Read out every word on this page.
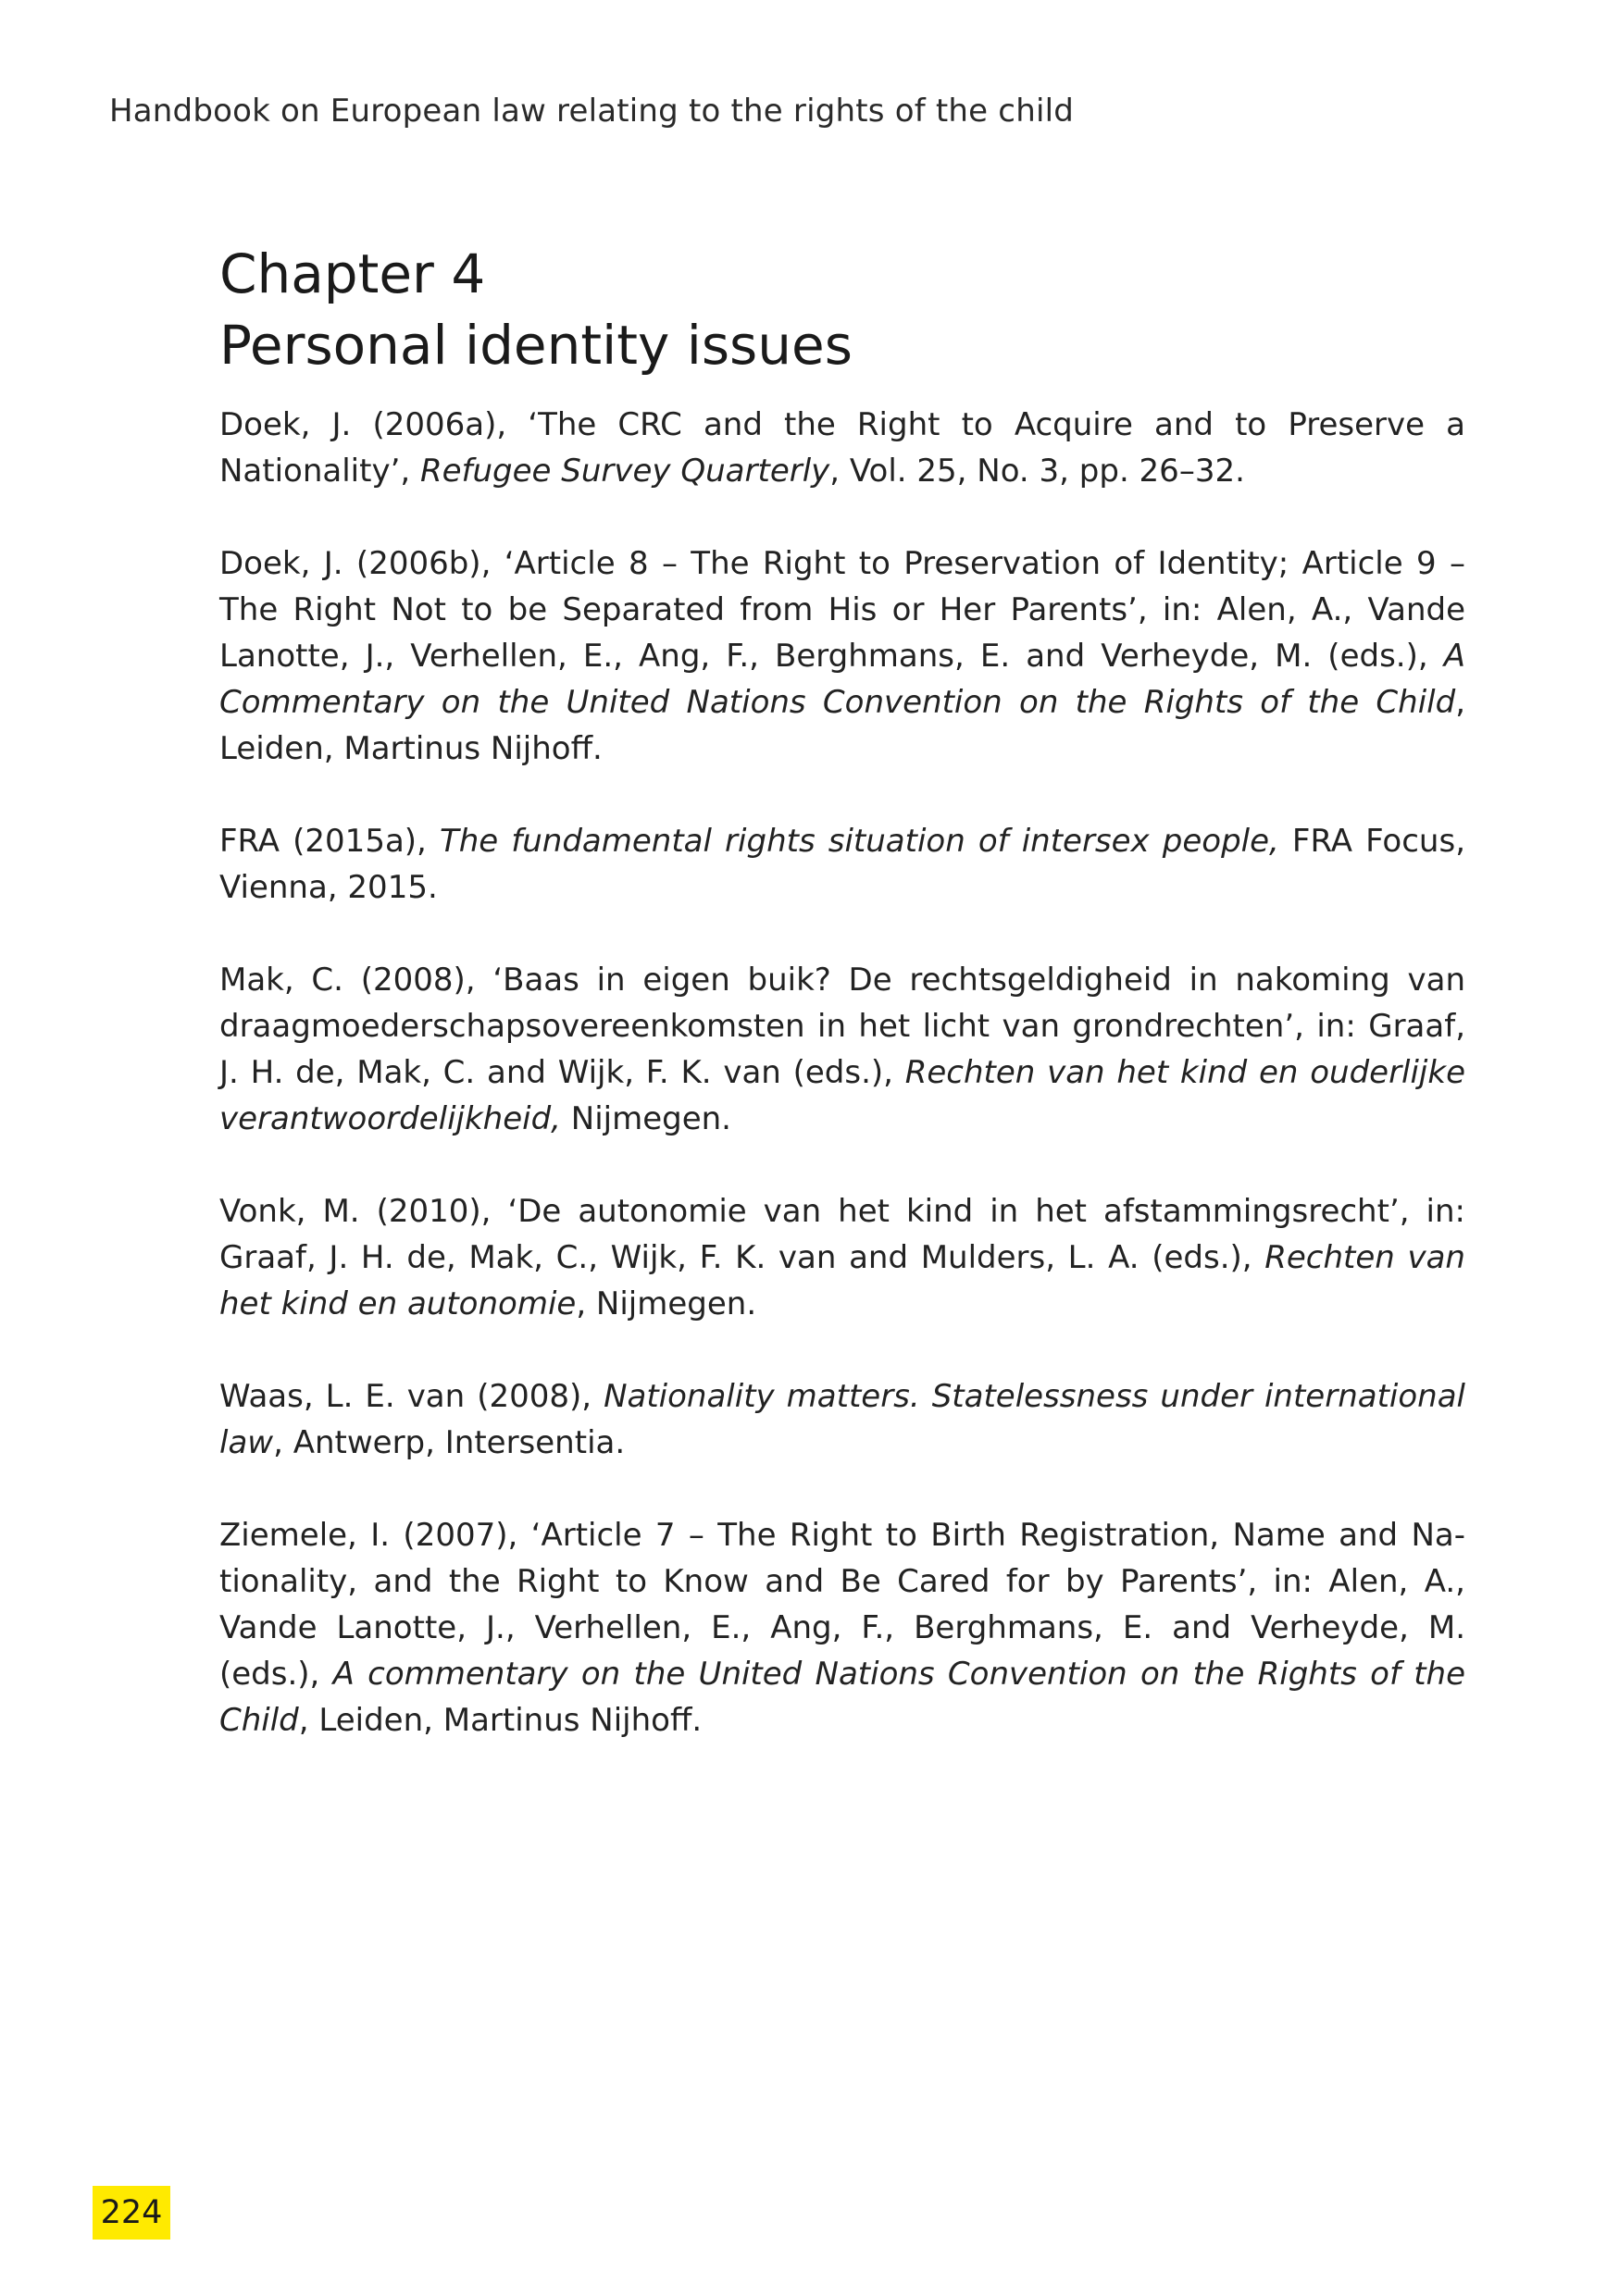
Handbook on European law relating to the rights of the child
Chapter 4
Personal identity issues

Doek, J. (2006a), ‘The CRC and the Right to Acquire and to Preserve a Nationality’, Refugee Survey Quarterly, Vol. 25, No. 3, pp. 26–32.

Doek, J. (2006b), ‘Article 8 – The Right to Preservation of Identity; Article 9 – The Right Not to be Separated from His or Her Parents’, in: Alen, A., Vande Lanotte, J., Verhellen, E., Ang, F., Berghmans, E. and Verheyde, M. (eds.), A Commentary on the United Nations Convention on the Rights of the Child, Leiden, Martinus Nijhoff.

FRA (2015a), The fundamental rights situation of intersex people, FRA Focus, Vienna, 2015.

Mak, C. (2008), ‘Baas in eigen buik? De rechtsgeldigheid in nakoming van draagmoederschapsovereenkomsten in het licht van grondrechten’, in: Graaf, J. H. de, Mak, C. and Wijk, F. K. van (eds.), Rechten van het kind en ouderlijke verantwoordelijkheid, Nijmegen.

Vonk, M. (2010), ‘De autonomie van het kind in het afstammingsrecht’, in: Graaf, J. H. de, Mak, C., Wijk, F. K. van and Mulders, L. A. (eds.), Rechten van het kind en autonomie, Nijmegen.

Waas, L. E. van (2008), Nationality matters. Statelessness under international law, Antwerp, Intersentia.

Ziemele, I. (2007), ‘Article 7 – The Right to Birth Registration, Name and Nationality, and the Right to Know and Be Cared for by Parents’, in: Alen, A., Vande Lanotte, J., Verhellen, E., Ang, F., Berghmans, E. and Verheyde, M. (eds.), A commentary on the United Nations Convention on the Rights of the Child, Leiden, Martinus Nijhoff.

224
